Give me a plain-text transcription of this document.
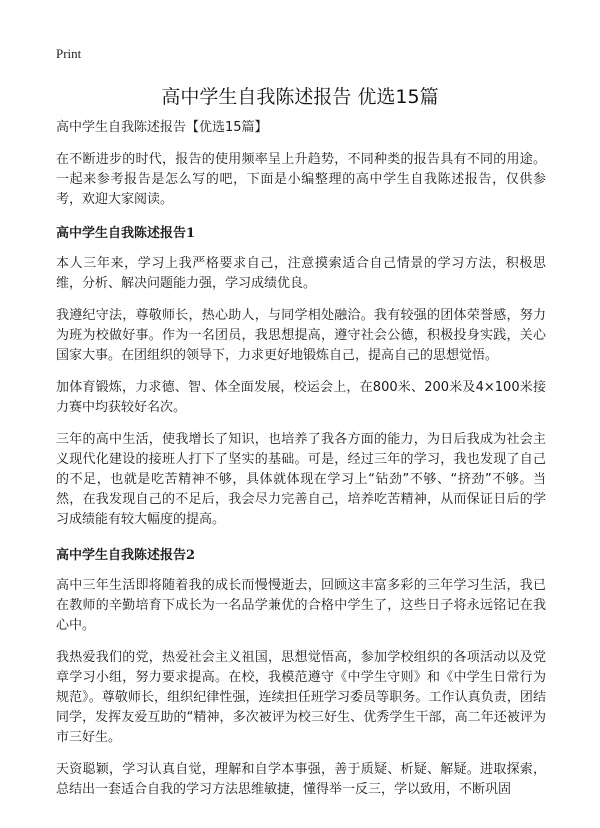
Print
高中学生自我陈述报告 优选15篇

高中学生自我陈述报告【优选15篇】

在不断进步的时代，报告的使用频率呈上升趋势，不同种类的报告具有不同的用途。一起来参考报告是怎么写的吧，下面是小编整理的高中学生自我陈述报告，仅供参考，欢迎大家阅读。

高中学生自我陈述报告1

本人三年来，学习上我严格要求自己，注意摸索适合自己情景的学习方法，积极思维，分析、解决问题能力强，学习成绩优良。

我遵纪守法，尊敬师长，热心助人，与同学相处融洽。我有较强的团体荣誉感，努力为班为校做好事。作为一名团员，我思想提高，遵守社会公德，积极投身实践，关心国家大事。在团组织的领导下，力求更好地锻炼自己，提高自己的思想觉悟。

加体育锻炼，力求德、智、体全面发展，校运会上，在800米、200米及4×100米接力赛中均获较好名次。

三年的高中生活，使我增长了知识，也培养了我各方面的能力，为日后我成为社会主义现代化建设的接班人打下了坚实的基础。可是，经过三年的学习，我也发现了自己的不足，也就是吃苦精神不够，具体就体现在学习上“钻劲”不够、“挤劲”不够。当然，在我发现自己的不足后，我会尽力完善自己，培养吃苦精神，从而保证日后的学习成绩能有较大幅度的提高。

高中学生自我陈述报告2

高中三年生活即将随着我的成长而慢慢逝去，回顾这丰富多彩的三年学习生活，我已在教师的辛勤培育下成长为一名品学兼优的合格中学生了，这些日子将永远铭记在我心中。

我热爱我们的党，热爱社会主义祖国，思想觉悟高，参加学校组织的各项活动以及党章学习小组，努力要求提高。在校，我模范遵守《中学生守则》和《中学生日常行为规范》。尊敬师长，组织纪律性强，连续担任班学习委员等职务。工作认真负责，团结同学，发挥友爱互助的“精神，多次被评为校三好生、优秀学生干部，高二年还被评为市三好生。

天资聪颖，学习认真自觉，理解和自学本事强，善于质疑、析疑、解疑。进取探索，总结出一套适合自我的学习方法思维敏捷，懂得举一反三，学以致用，不断巩固
